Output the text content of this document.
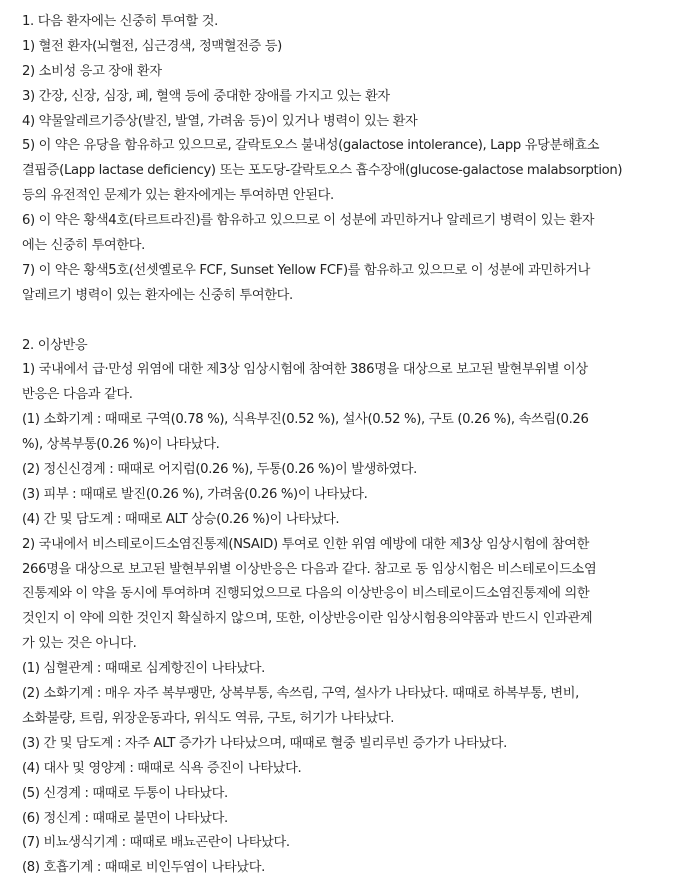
1. 다음 환자에는 신중히 투여할 것.
1) 혈전 환자(뇌혈전, 심근경색, 정맥혈전증 등)
2) 소비성 응고 장애 환자
3) 간장, 신장, 심장, 폐, 혈액 등에 중대한 장애를 가지고 있는 환자
4) 약물알레르기증상(발진, 발열, 가려움 등)이 있거나 병력이 있는 환자
5) 이 약은 유당을 함유하고 있으므로, 갈락토오스 불내성(galactose intolerance), Lapp 유당분해효소
결핍증(Lapp lactase deficiency) 또는 포도당-갈락토오스 흡수장애(glucose-galactose malabsorption)
등의 유전적인 문제가 있는 환자에게는 투여하면 안된다.
6) 이 약은 황색4호(타르트라진)를 함유하고 있으므로 이 성분에 과민하거나 알레르기 병력이 있는 환자
에는 신중히 투여한다.
7) 이 약은 황색5호(선셋옐로우 FCF, Sunset Yellow FCF)를 함유하고 있으므로 이 성분에 과민하거나
알레르기 병력이 있는 환자에는 신중히 투여한다.
2. 이상반응
1) 국내에서 급·만성 위염에 대한 제3상 임상시험에 참여한 386명을 대상으로 보고된 발현부위별 이상
반응은 다음과 같다.
(1) 소화기계 : 때때로 구역(0.78 %), 식욕부진(0.52 %), 설사(0.52 %), 구토 (0.26 %), 속쓰림(0.26
%), 상복부통(0.26 %)이 나타났다.
(2) 정신신경계 : 때때로 어지럼(0.26 %), 두통(0.26 %)이 발생하였다.
(3) 피부 : 때때로 발진(0.26 %), 가려움(0.26 %)이 나타났다.
(4) 간 및 담도계 : 때때로 ALT 상승(0.26 %)이 나타났다.
2) 국내에서 비스테로이드소염진통제(NSAID) 투여로 인한 위염 예방에 대한 제3상 임상시험에 참여한
266명을 대상으로 보고된 발현부위별 이상반응은 다음과 같다. 참고로 동 임상시험은 비스테로이드소염
진통제와 이 약을 동시에 투여하며 진행되었으므로 다음의 이상반응이 비스테로이드소염진통제에 의한
것인지 이 약에 의한 것인지 확실하지 않으며, 또한, 이상반응이란 임상시험용의약품과 반드시 인과관계
가 있는 것은 아니다.
(1) 심혈관계 : 때때로 심계항진이 나타났다.
(2) 소화기계 : 매우 자주 복부팽만, 상복부통, 속쓰림, 구역, 설사가 나타났다. 때때로 하복부통, 변비,
소화불량, 트림, 위장운동과다, 위식도 역류, 구토, 허기가 나타났다.
(3) 간 및 담도계 : 자주 ALT 증가가 나타났으며, 때때로 혈중 빌리루빈 증가가 나타났다.
(4) 대사 및 영양계 : 때때로 식욕 증진이 나타났다.
(5) 신경계 : 때때로 두통이 나타났다.
(6) 정신계 : 때때로 불면이 나타났다.
(7) 비뇨생식기계 : 때때로 배뇨곤란이 나타났다.
(8) 호흡기계 : 때때로 비인두염이 나타났다.
